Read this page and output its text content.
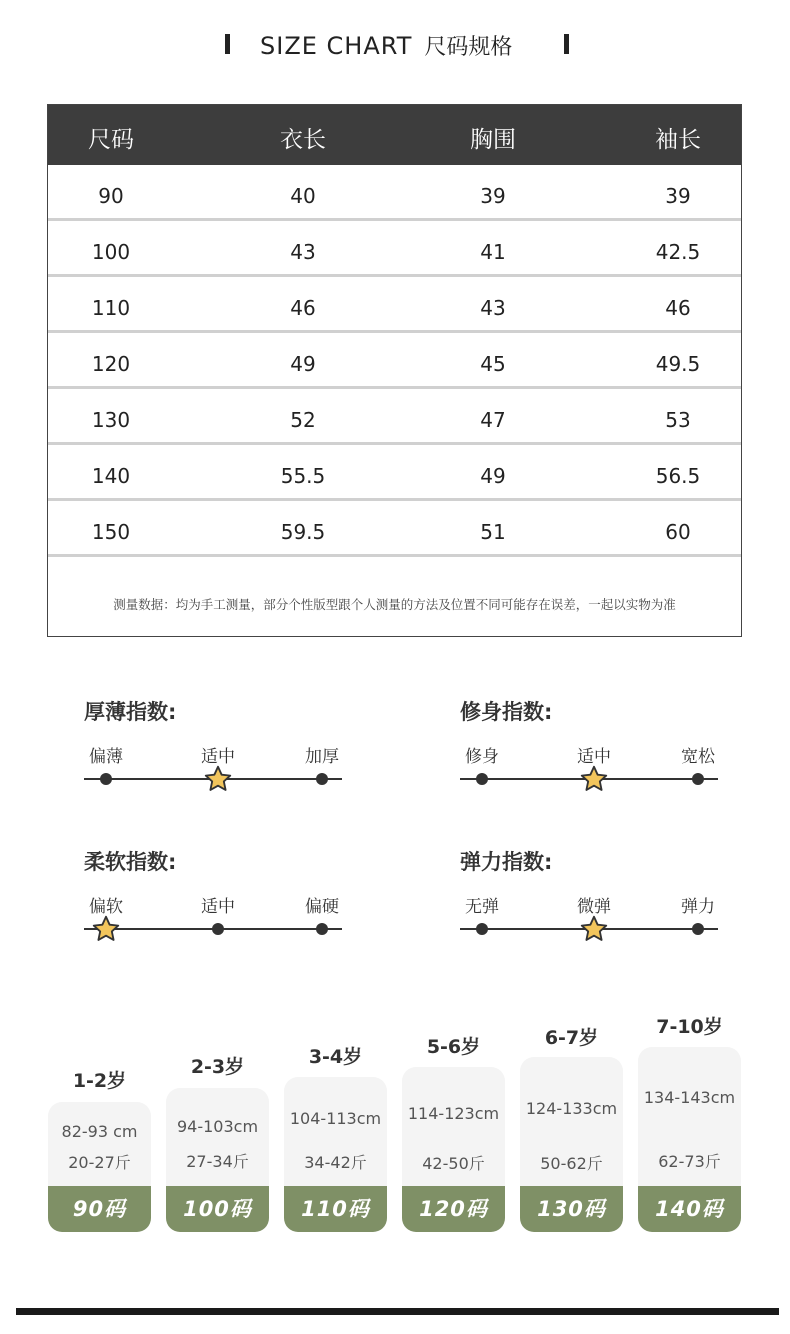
SIZE CHART 尺码规格
尺码	衣长	胸围	袖长
90	40	39	39
100	43	41	42.5
110	46	43	46
120	49	45	49.5
130	52	47	53
140	55.5	49	56.5
150	59.5	51	60
测量数据：均为手工测量，部分个性版型跟个人测量的方法及位置不同可能存在误差，一起以实物为准
厚薄指数:
偏薄	适中	加厚
修身指数:
修身	适中	宽松
柔软指数:
偏软	适中	偏硬
弹力指数:
无弹	微弹	弹力
1-2岁
82-93 cm
20-27斤
90码
2-3岁
94-103cm
27-34斤
100码
3-4岁
104-113cm
34-42斤
110码
5-6岁
114-123cm
42-50斤
120码
6-7岁
124-133cm
50-62斤
130码
7-10岁
134-143cm
62-73斤
140码
